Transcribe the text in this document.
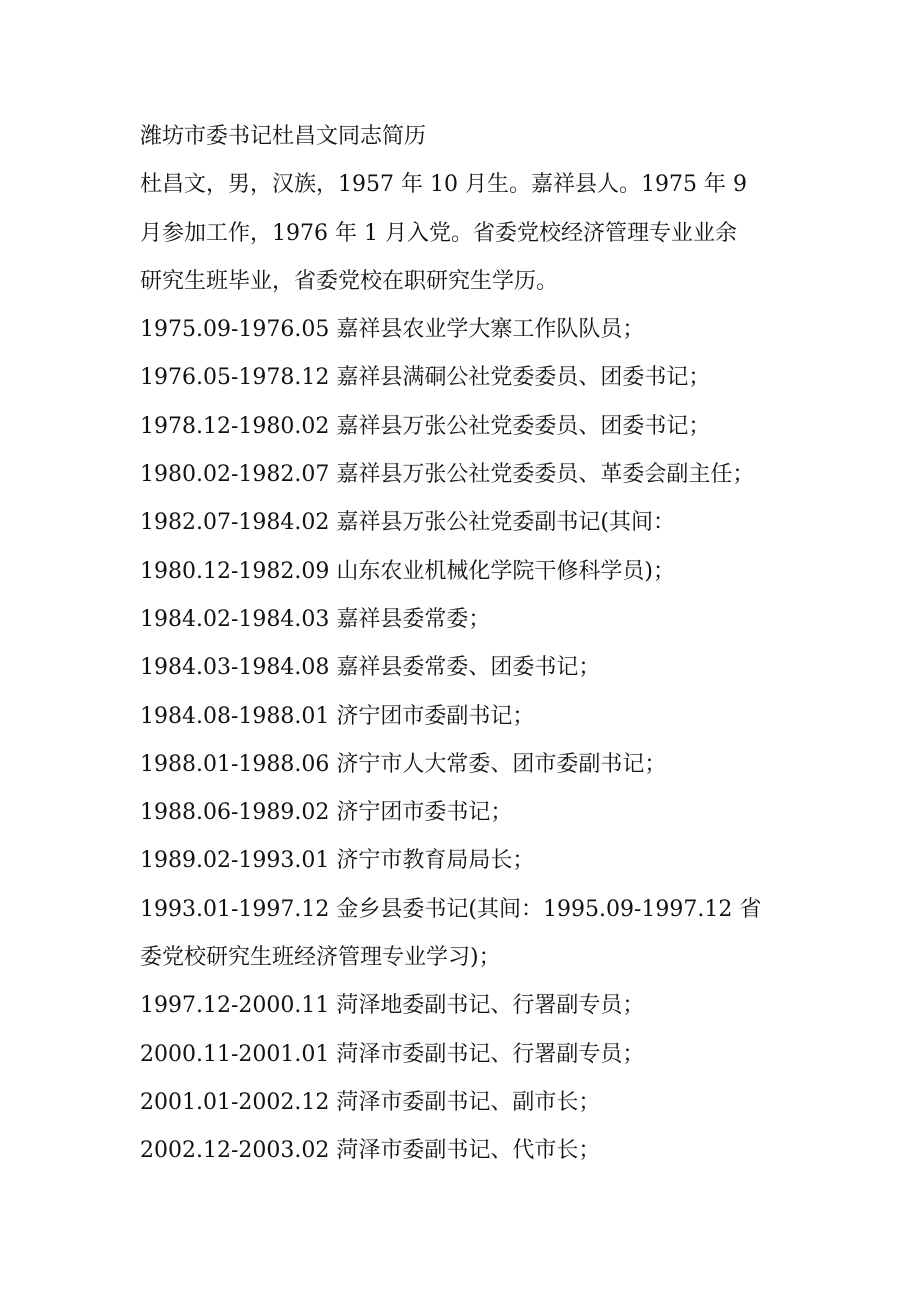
潍坊市委书记杜昌文同志简历
杜昌文，男，汉族，1957 年 10 月生。嘉祥县人。1975 年 9
月参加工作，1976 年 1 月入党。省委党校经济管理专业业余
研究生班毕业，省委党校在职研究生学历。
1975.09-1976.05 嘉祥县农业学大寨工作队队员；
1976.05-1978.12 嘉祥县满硐公社党委委员、团委书记；
1978.12-1980.02 嘉祥县万张公社党委委员、团委书记；
1980.02-1982.07 嘉祥县万张公社党委委员、革委会副主任；
1982.07-1984.02 嘉祥县万张公社党委副书记(其间：
1980.12-1982.09 山东农业机械化学院干修科学员)；
1984.02-1984.03 嘉祥县委常委；
1984.03-1984.08 嘉祥县委常委、团委书记；
1984.08-1988.01 济宁团市委副书记；
1988.01-1988.06 济宁市人大常委、团市委副书记；
1988.06-1989.02 济宁团市委书记；
1989.02-1993.01 济宁市教育局局长；
1993.01-1997.12 金乡县委书记(其间：1995.09-1997.12 省
委党校研究生班经济管理专业学习)；
1997.12-2000.11 菏泽地委副书记、行署副专员；
2000.11-2001.01 菏泽市委副书记、行署副专员；
2001.01-2002.12 菏泽市委副书记、副市长；
2002.12-2003.02 菏泽市委副书记、代市长；
